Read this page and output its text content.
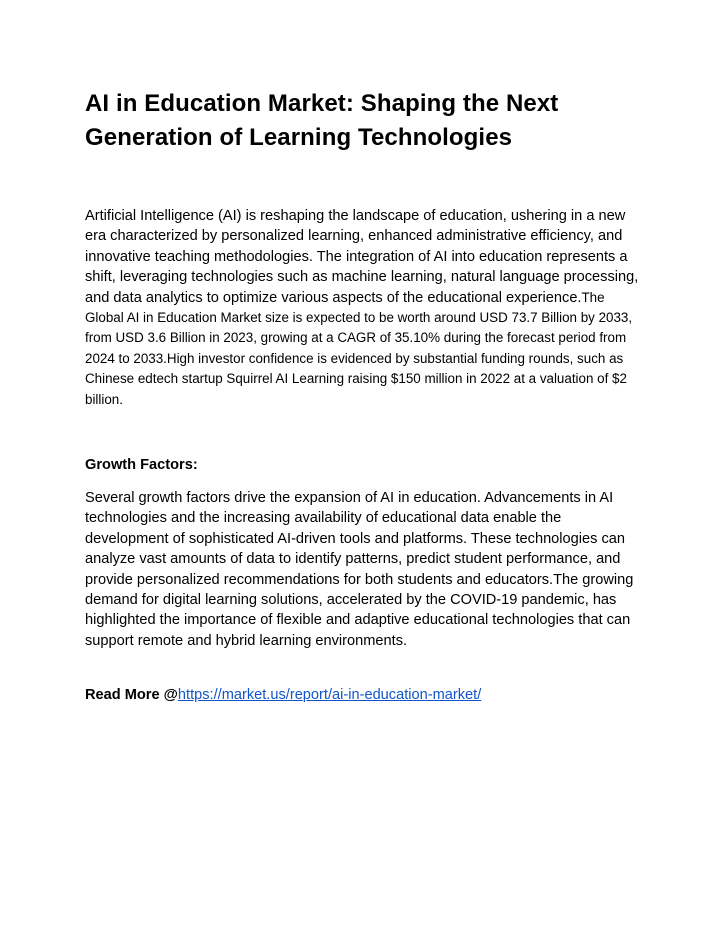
AI in Education Market: Shaping the Next Generation of Learning Technologies

Artificial Intelligence (AI) is reshaping the landscape of education, ushering in a new era characterized by personalized learning, enhanced administrative efficiency, and innovative teaching methodologies. The integration of AI into education represents a shift, leveraging technologies such as machine learning, natural language processing, and data analytics to optimize various aspects of the educational experience.The Global AI in Education Market size is expected to be worth around USD 73.7 Billion by 2033, from USD 3.6 Billion in 2023, growing at a CAGR of 35.10% during the forecast period from 2024 to 2033.High investor confidence is evidenced by substantial funding rounds, such as Chinese edtech startup Squirrel AI Learning raising $150 million in 2022 at a valuation of $2 billion.

Growth Factors:

Several growth factors drive the expansion of AI in education. Advancements in AI technologies and the increasing availability of educational data enable the development of sophisticated AI-driven tools and platforms. These technologies can analyze vast amounts of data to identify patterns, predict student performance, and provide personalized recommendations for both students and educators.The growing demand for digital learning solutions, accelerated by the COVID-19 pandemic, has highlighted the importance of flexible and adaptive educational technologies that can support remote and hybrid learning environments.

Read More @https://market.us/report/ai-in-education-market/
